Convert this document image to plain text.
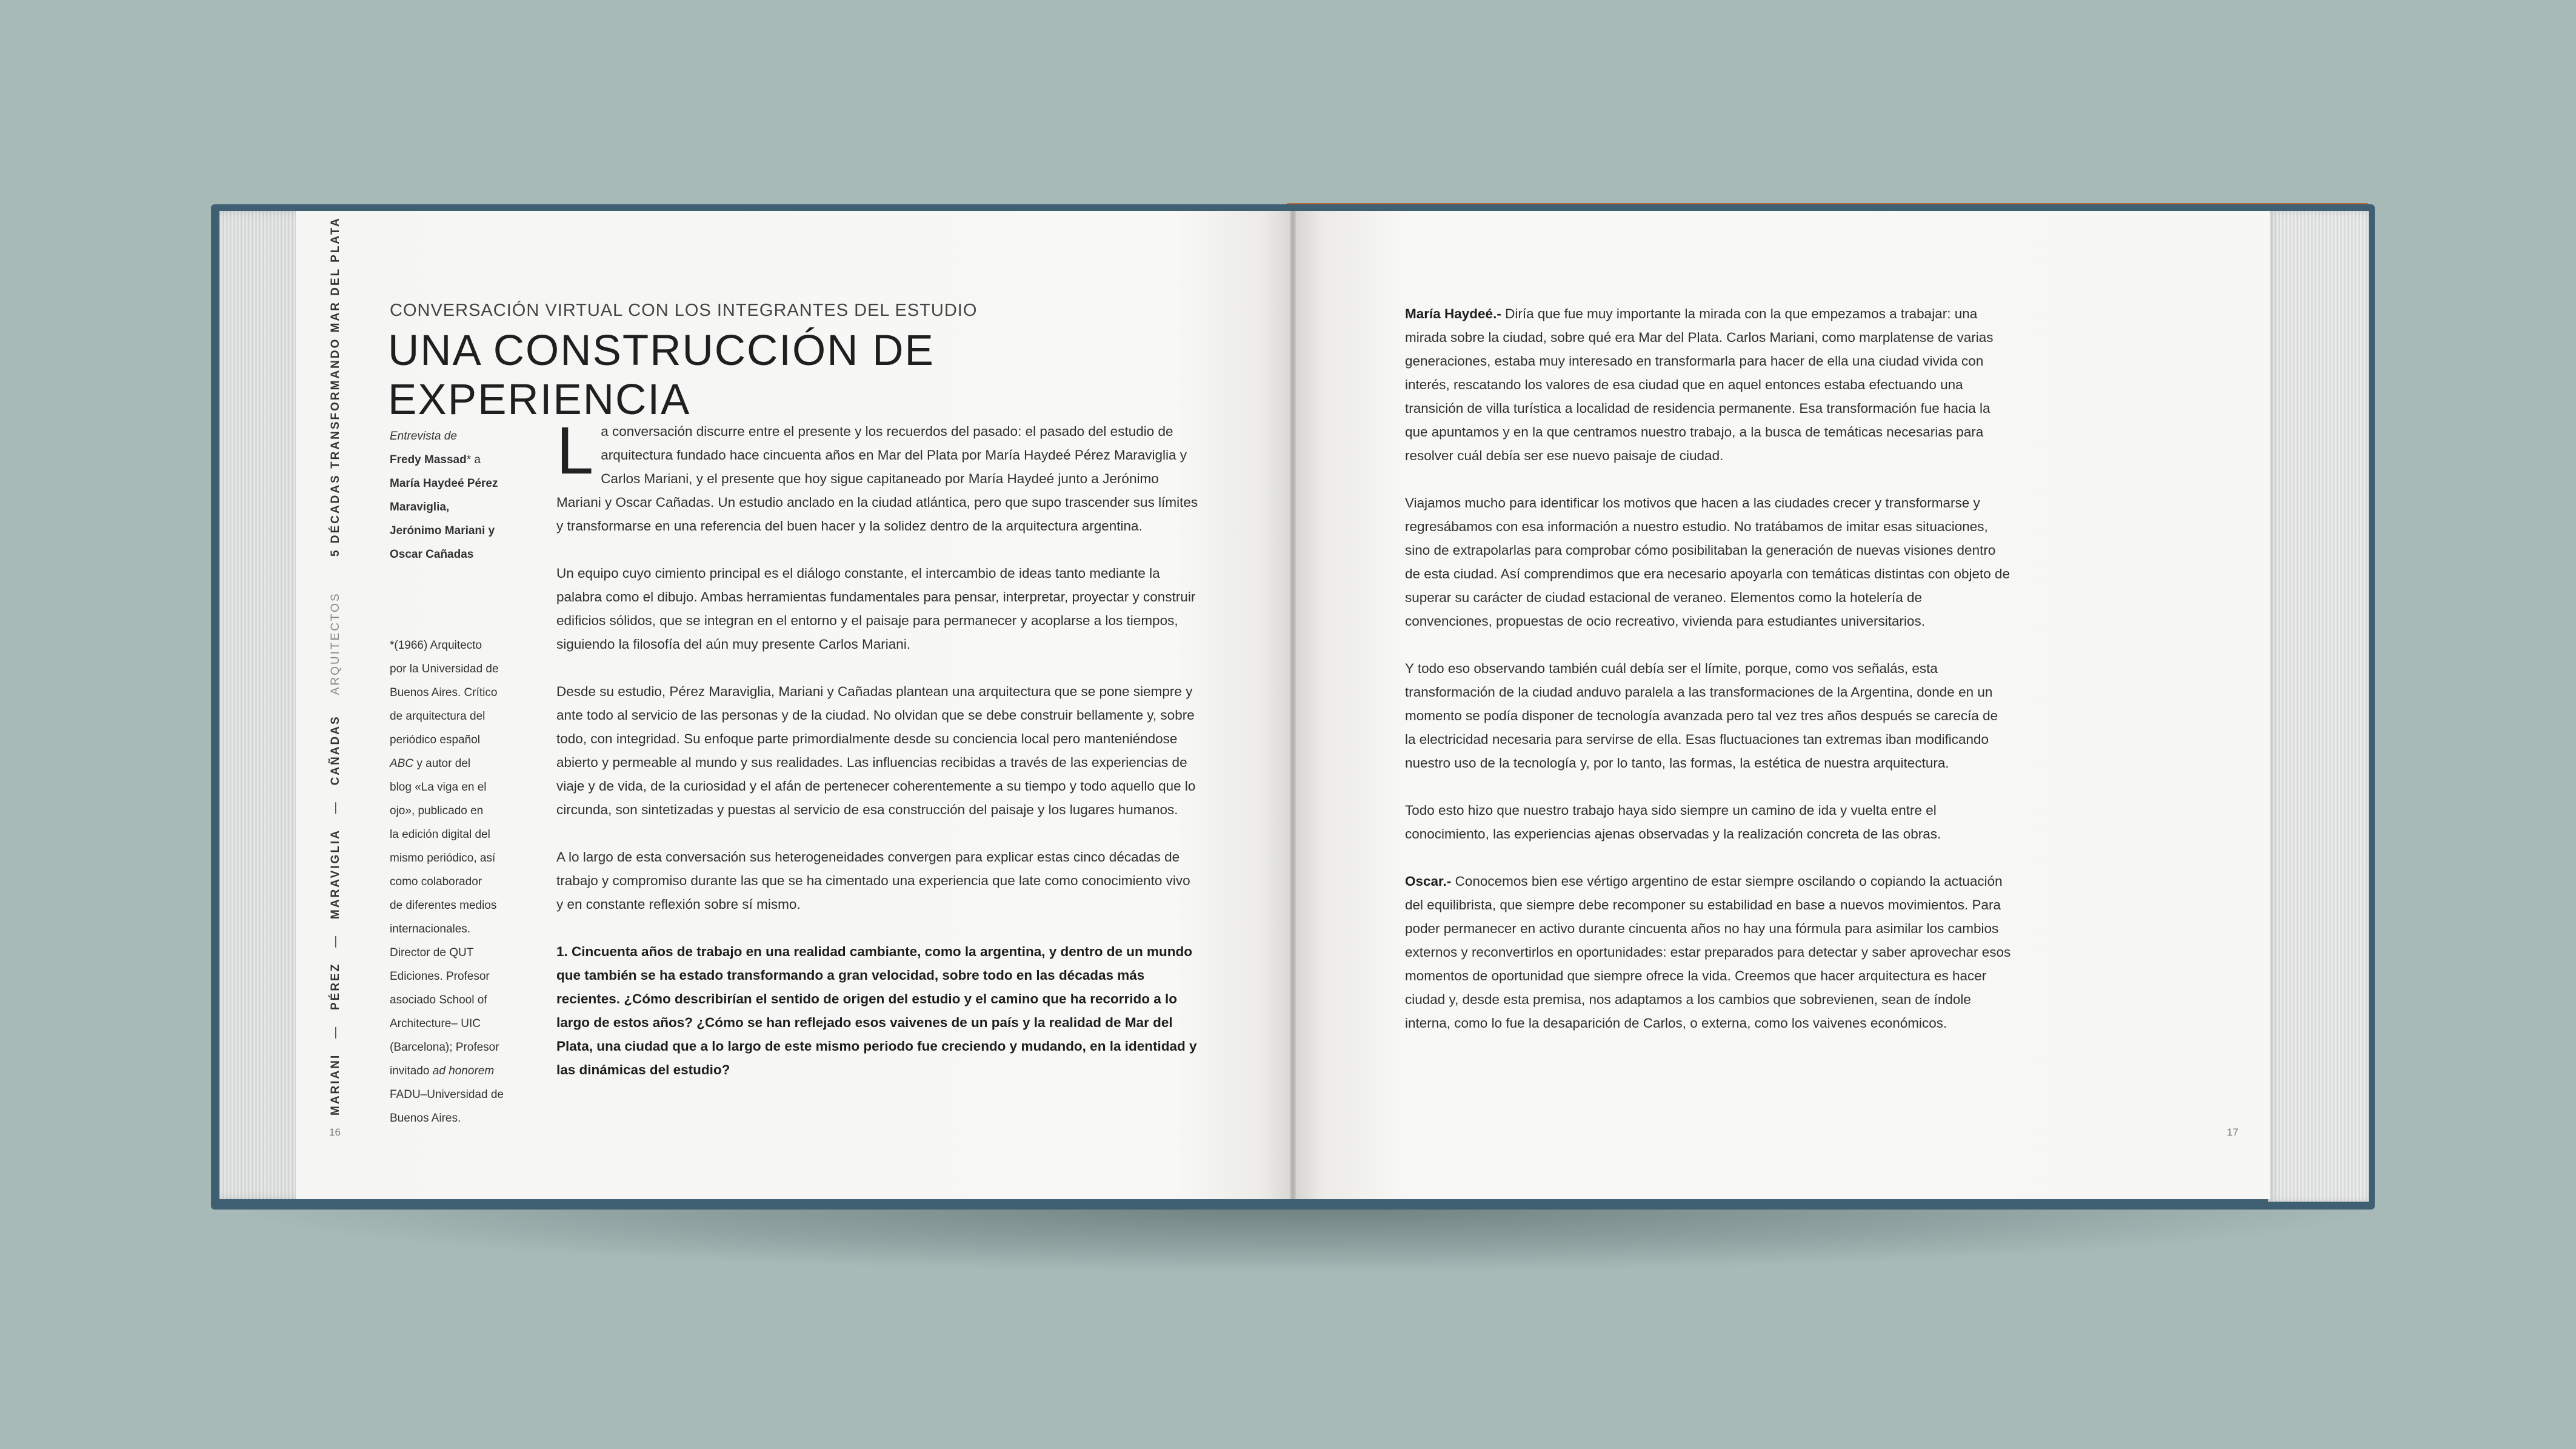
5 DÉCADAS TRANSFORMANDO MAR DEL PLATA
MARIANI   —   PÉREZ   —   MARAVIGLIA   —   CAÑADAS    ARQUITECTOS
CONVERSACIÓN VIRTUAL CON LOS INTEGRANTES DEL ESTUDIO
UNA CONSTRUCCIÓN DE EXPERIENCIA
Entrevista de
Fredy Massad* a
María Haydeé Pérez
Maraviglia,
Jerónimo Mariani y
Oscar Cañadas
*(1966) Arquitecto
por la Universidad de
Buenos Aires. Crítico
de arquitectura del
periódico español
ABC y autor del
blog «La viga en el
ojo», publicado en
la edición digital del
mismo periódico, así
como colaborador
de diferentes medios
internacionales.
Director de QUT
Ediciones. Profesor
asociado School of
Architecture– UIC
(Barcelona); Profesor
invitado ad honorem
FADU–Universidad de
Buenos Aires.

La conversación discurre entre el presente y los recuerdos del pasado: el pasado del estudio de arquitectura fundado hace cincuenta años en Mar del Plata por María Haydeé Pérez Maraviglia y Carlos Mariani, y el presente que hoy sigue capitaneado por María Haydeé junto a Jerónimo Mariani y Oscar Cañadas. Un estudio anclado en la ciudad atlántica, pero que supo trascender sus límites y transformarse en una referencia del buen hacer y la solidez dentro de la arquitectura argentina.

Un equipo cuyo cimiento principal es el diálogo constante, el intercambio de ideas tanto mediante la palabra como el dibujo. Ambas herramientas fundamentales para pensar, interpretar, proyectar y construir edificios sólidos, que se integran en el entorno y el paisaje para permanecer y acoplarse a los tiempos, siguiendo la filosofía del aún muy presente Carlos Mariani.

Desde su estudio, Pérez Maraviglia, Mariani y Cañadas plantean una arquitectura que se pone siempre y ante todo al servicio de las personas y de la ciudad. No olvidan que se debe construir bellamente y, sobre todo, con integridad. Su enfoque parte primordialmente desde su conciencia local pero manteniéndose abierto y permeable al mundo y sus realidades. Las influencias recibidas a través de las experiencias de viaje y de vida, de la curiosidad y el afán de pertenecer coherentemente a su tiempo y todo aquello que lo circunda, son sintetizadas y puestas al servicio de esa construcción del paisaje y los lugares humanos.

A lo largo de esta conversación sus heterogeneidades convergen para explicar estas cinco décadas de trabajo y compromiso durante las que se ha cimentado una experiencia que late como conocimiento vivo y en constante reflexión sobre sí mismo.

1. Cincuenta años de trabajo en una realidad cambiante, como la argentina, y dentro de un mundo que también se ha estado transformando a gran velocidad, sobre todo en las décadas más recientes. ¿Cómo describirían el sentido de origen del estudio y el camino que ha recorrido a lo largo de estos años? ¿Cómo se han reflejado esos vaivenes de un país y la realidad de Mar del Plata, una ciudad que a lo largo de este mismo periodo fue creciendo y mudando, en la identidad y las dinámicas del estudio?

16

María Haydeé.- Diría que fue muy importante la mirada con la que empezamos a trabajar: una mirada sobre la ciudad, sobre qué era Mar del Plata. Carlos Mariani, como marplatense de varias generaciones, estaba muy interesado en transformarla para hacer de ella una ciudad vivida con interés, rescatando los valores de esa ciudad que en aquel entonces estaba efectuando una transición de villa turística a localidad de residencia permanente. Esa transformación fue hacia la que apuntamos y en la que centramos nuestro trabajo, a la busca de temáticas necesarias para resolver cuál debía ser ese nuevo paisaje de ciudad.

Viajamos mucho para identificar los motivos que hacen a las ciudades crecer y transformarse y regresábamos con esa información a nuestro estudio. No tratábamos de imitar esas situaciones, sino de extrapolarlas para comprobar cómo posibilitaban la generación de nuevas visiones dentro de esta ciudad. Así comprendimos que era necesario apoyarla con temáticas distintas con objeto de superar su carácter de ciudad estacional de veraneo. Elementos como la hotelería de convenciones, propuestas de ocio recreativo, vivienda para estudiantes universitarios.

Y todo eso observando también cuál debía ser el límite, porque, como vos señalás, esta transformación de la ciudad anduvo paralela a las transformaciones de la Argentina, donde en un momento se podía disponer de tecnología avanzada pero tal vez tres años después se carecía de la electricidad necesaria para servirse de ella. Esas fluctuaciones tan extremas iban modificando nuestro uso de la tecnología y, por lo tanto, las formas, la estética de nuestra arquitectura.

Todo esto hizo que nuestro trabajo haya sido siempre un camino de ida y vuelta entre el conocimiento, las experiencias ajenas observadas y la realización concreta de las obras.

Oscar.- Conocemos bien ese vértigo argentino de estar siempre oscilando o copiando la actuación del equilibrista, que siempre debe recomponer su estabilidad en base a nuevos movimientos. Para poder permanecer en activo durante cincuenta años no hay una fórmula para asimilar los cambios externos y reconvertirlos en oportunidades: estar preparados para detectar y saber aprovechar esos momentos de oportunidad que siempre ofrece la vida. Creemos que hacer arquitectura es hacer ciudad y, desde esta premisa, nos adaptamos a los cambios que sobrevienen, sean de índole interna, como lo fue la desaparición de Carlos, o externa, como los vaivenes económicos.

17
